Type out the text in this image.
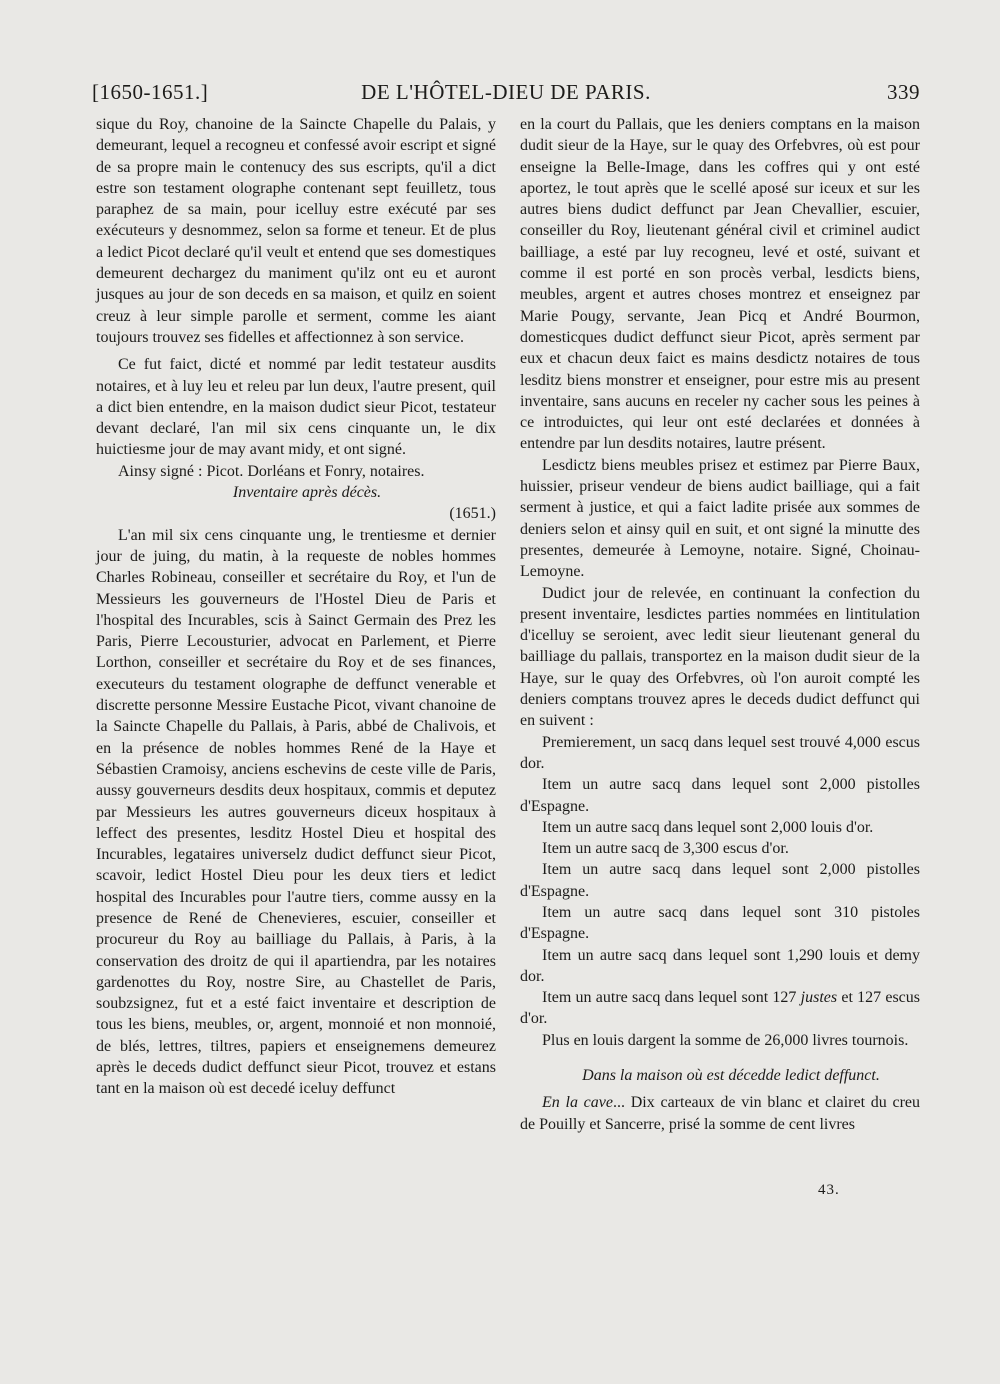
[1650-1651.]	DE L'HÔTEL-DIEU DE PARIS.	339

sique du Roy, chanoine de la Saincte Chapelle du Palais, y demeurant, lequel a recogneu et confessé avoir escript et signé de sa propre main le contenucy des sus escripts, qu'il a dict estre son testament olographe contenant sept feuilletz, tous paraphez de sa main, pour icelluy estre exécuté par ses exécuteurs y desnommez, selon sa forme et teneur. Et de plus a ledict Picot declaré qu'il veult et entend que ses domestiques demeurent dechargez du maniment qu'ilz ont eu et auront jusques au jour de son deceds en sa maison, et quilz en soient creuz à leur simple parolle et serment, comme les aiant toujours trouvez ses fidelles et affectionnez à son service.

Ce fut faict, dicté et nommé par ledit testateur ausdits notaires, et à luy leu et releu par lun deux, l'autre present, quil a dict bien entendre, en la maison dudict sieur Picot, testateur devant declaré, l'an mil six cens cinquante un, le dix huictiesme jour de may avant midy, et ont signé.

Ainsy signé : Picot. Dorléans et Fonry, notaires.

Inventaire après décès.

(1651.)

L'an mil six cens cinquante ung, le trentiesme et dernier jour de juing, du matin, à la requeste de nobles hommes Charles Robineau, conseiller et secrétaire du Roy, et l'un de Messieurs les gouverneurs de l'Hostel Dieu de Paris et l'hospital des Incurables, scis à Sainct Germain des Prez les Paris, Pierre Lecousturier, advocat en Parlement, et Pierre Lorthon, conseiller et secrétaire du Roy et de ses finances, executeurs du testament olographe de deffunct venerable et discrette personne Messire Eustache Picot, vivant chanoine de la Saincte Chapelle du Pallais, à Paris, abbé de Chalivois, et en la présence de nobles hommes René de la Haye et Sébastien Cramoisy, anciens eschevins de ceste ville de Paris, aussy gouverneurs desdits deux hospitaux, commis et deputez par Messieurs les autres gouverneurs diceux hospitaux à leffect des presentes, lesditz Hostel Dieu et hospital des Incurables, legataires universelz dudict deffunct sieur Picot, scavoir, ledict Hostel Dieu pour les deux tiers et ledict hospital des Incurables pour l'autre tiers, comme aussy en la presence de René de Chenevieres, escuier, conseiller et procureur du Roy au bailliage du Pallais, à Paris, à la conservation des droitz de qui il apartiendra, par les notaires gardenottes du Roy, nostre Sire, au Chastellet de Paris, soubzsignez, fut et a esté faict inventaire et description de tous les biens, meubles, or, argent, monnoié et non monnoié, de blés, lettres, tiltres, papiers et enseignemens demeurez après le deceds dudict deffunct sieur Picot, trouvez et estans tant en la maison où est decedé iceluy deffunct

en la court du Pallais, que les deniers comptans en la maison dudit sieur de la Haye, sur le quay des Orfebvres, où est pour enseigne la Belle-Image, dans les coffres qui y ont esté aportez, le tout après que le scellé aposé sur iceux et sur les autres biens dudict deffunct par Jean Chevallier, escuier, conseiller du Roy, lieutenant général civil et criminel audict bailliage, a esté par luy recogneu, levé et osté, suivant et comme il est porté en son procès verbal, lesdicts biens, meubles, argent et autres choses montrez et enseignez par Marie Pougy, servante, Jean Picq et André Bourmon, domesticques dudict deffunct sieur Picot, après serment par eux et chacun deux faict es mains desdictz notaires de tous lesditz biens monstrer et enseigner, pour estre mis au present inventaire, sans aucuns en receler ny cacher sous les peines à ce introduictes, qui leur ont esté declarées et données à entendre par lun desdits notaires, lautre présent.

Lesdictz biens meubles prisez et estimez par Pierre Baux, huissier, priseur vendeur de biens audict bailliage, qui a fait serment à justice, et qui a faict ladite prisée aux sommes de deniers selon et ainsy quil en suit, et ont signé la minutte des presentes, demeurée à Lemoyne, notaire. Signé, Choinau-Lemoyne.

Dudict jour de relevée, en continuant la confection du present inventaire, lesdictes parties nommées en lintitulation d'icelluy se seroient, avec ledit sieur lieutenant general du bailliage du pallais, transportez en la maison dudit sieur de la Haye, sur le quay des Orfebvres, où l'on auroit compté les deniers comptans trouvez apres le deceds dudict deffunct qui en suivent :

Premierement, un sacq dans lequel sest trouvé 4,000 escus dor.

Item un autre sacq dans lequel sont 2,000 pistolles d'Espagne.

Item un autre sacq dans lequel sont 2,000 louis d'or.

Item un autre sacq de 3,300 escus d'or.

Item un autre sacq dans lequel sont 2,000 pistolles d'Espagne.

Item un autre sacq dans lequel sont 310 pistoles d'Espagne.

Item un autre sacq dans lequel sont 1,290 louis et demy dor.

Item un autre sacq dans lequel sont 127 justes et 127 escus d'or.

Plus en louis dargent la somme de 26,000 livres tournois.

Dans la maison où est décedde ledict deffunct.

En la cave... Dix carteaux de vin blanc et clairet du creu de Pouilly et Sancerre, prisé la somme de cent livres

43.
